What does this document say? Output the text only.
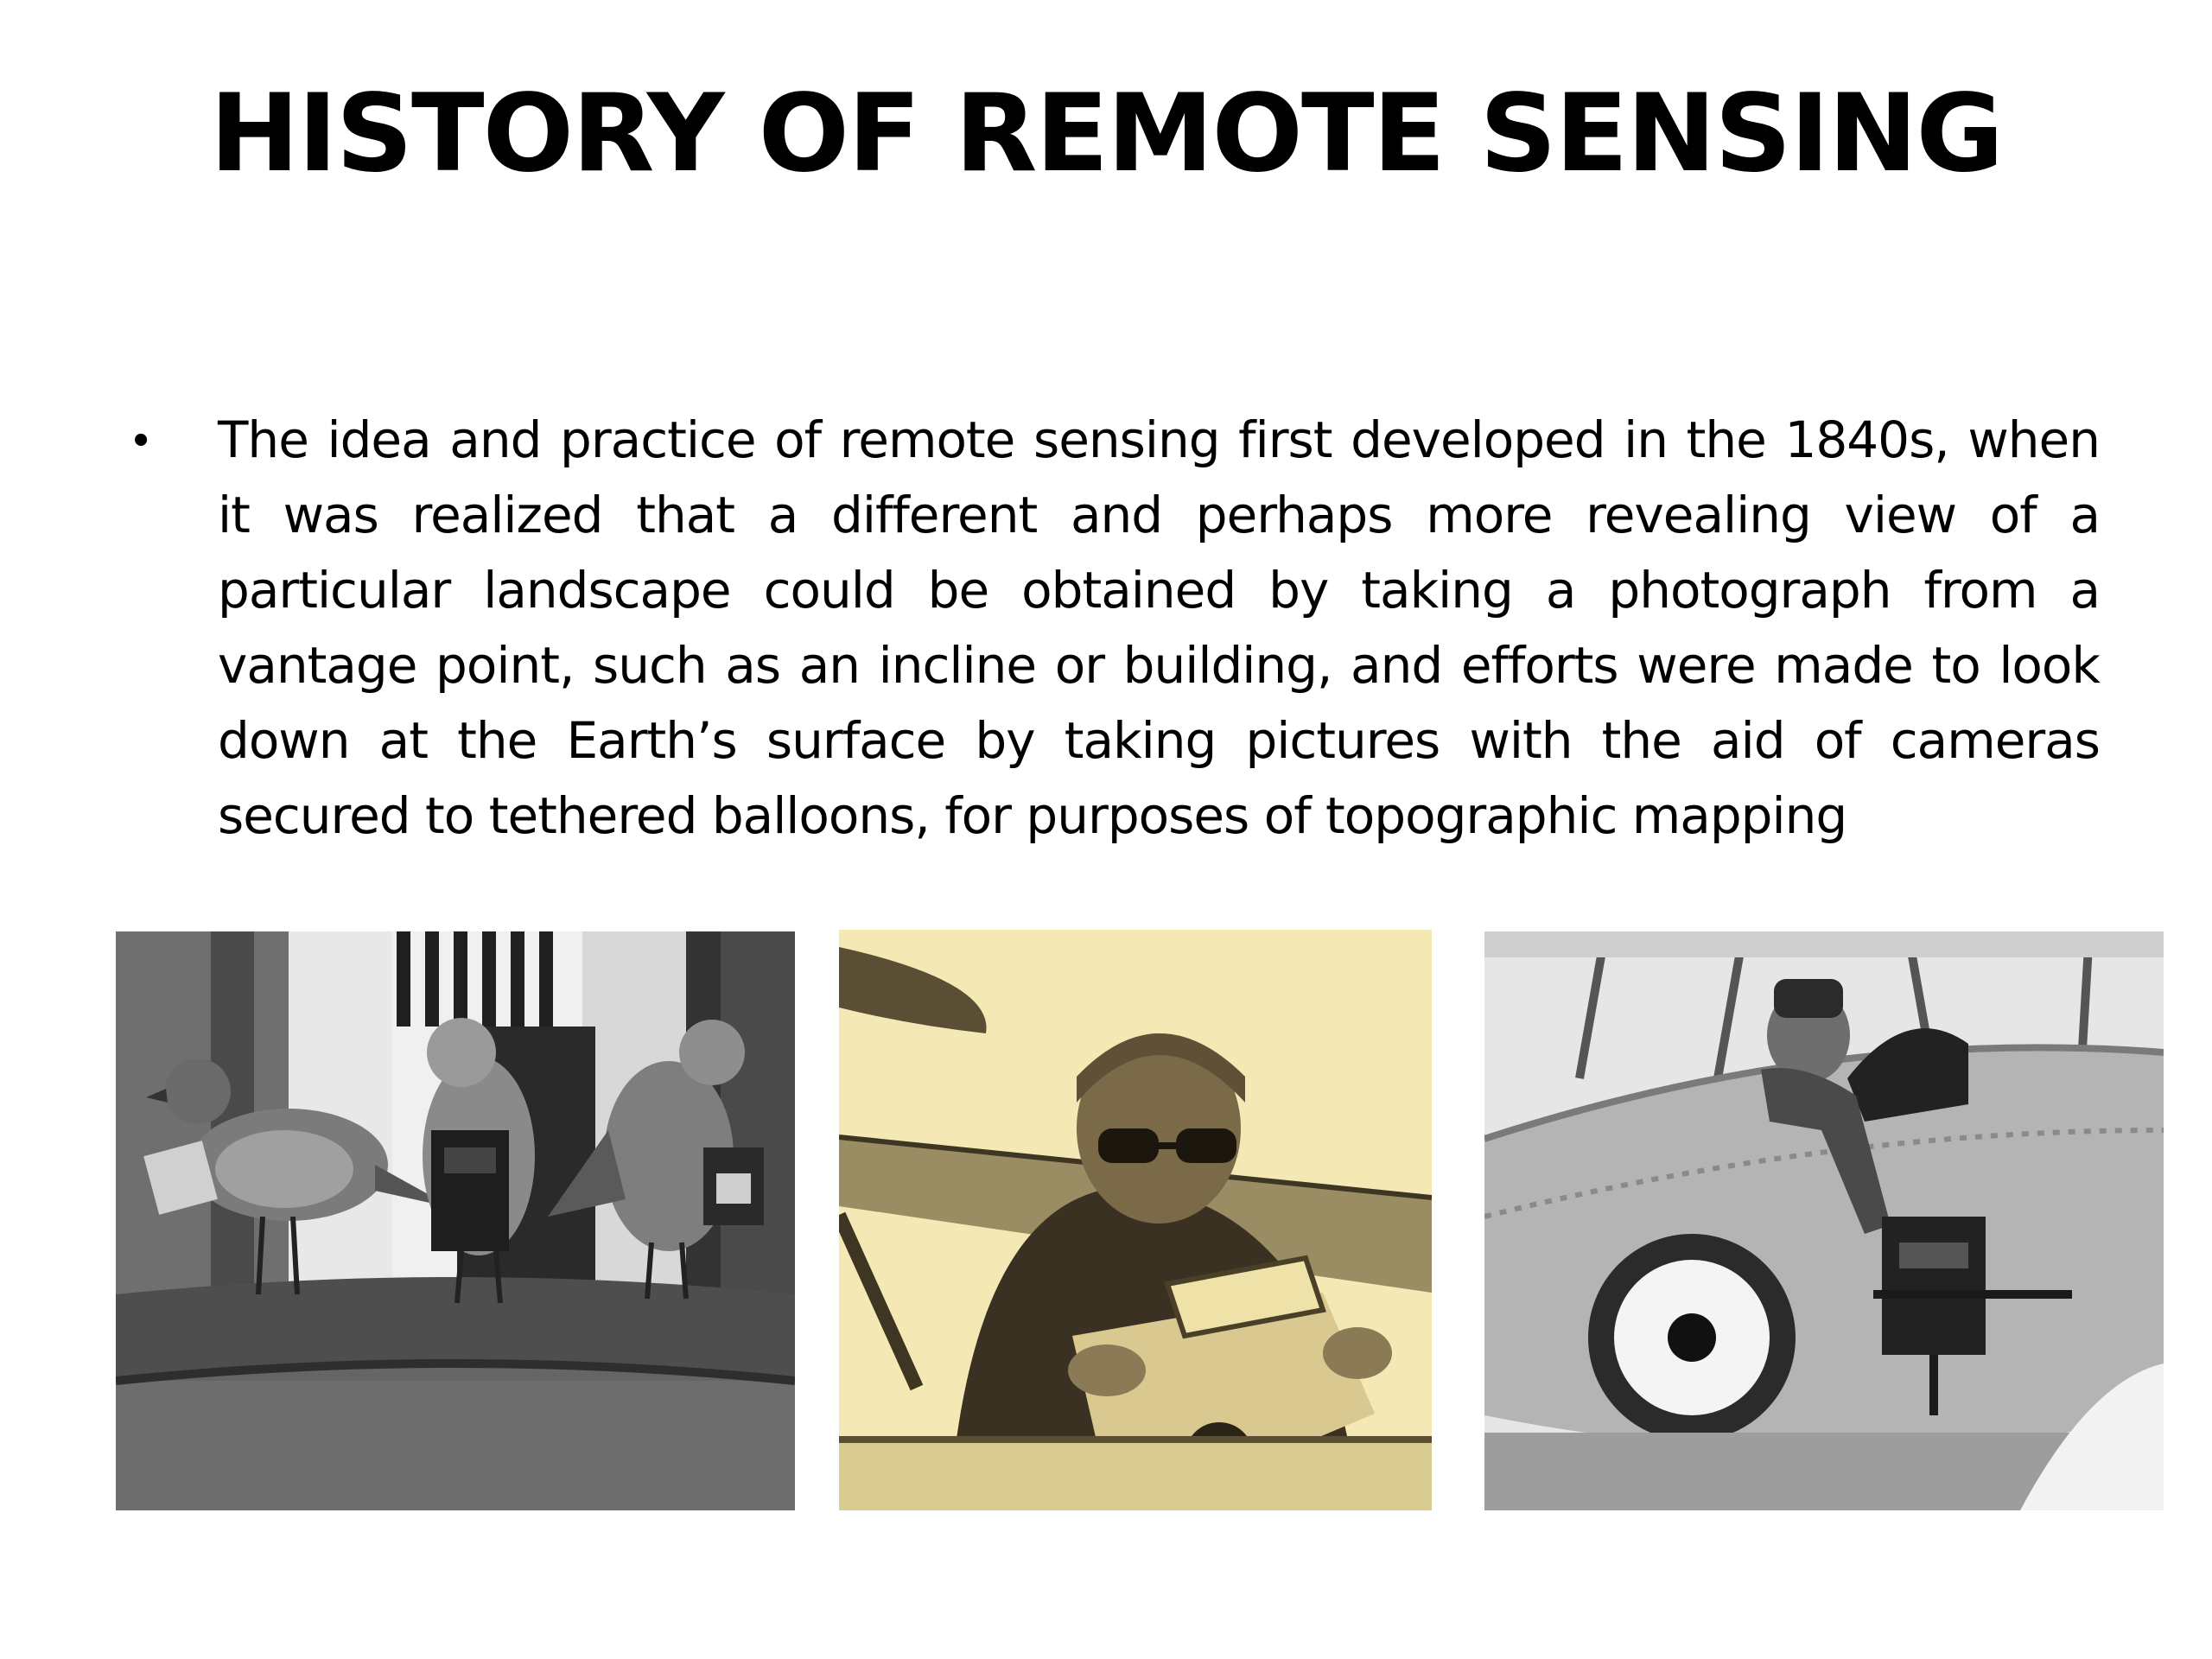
HISTORY OF REMOTE SENSING
• The idea and practice of remote sensing first developed in the 1840s, when it was realized that a different and perhaps more revealing view of a particular landscape could be obtained by taking a photograph from a vantage point, such as an incline or building, and efforts were made to look down at the Earth’s surface by taking pictures with the aid of cameras secured to tethered balloons, for purposes of topographic mapping
